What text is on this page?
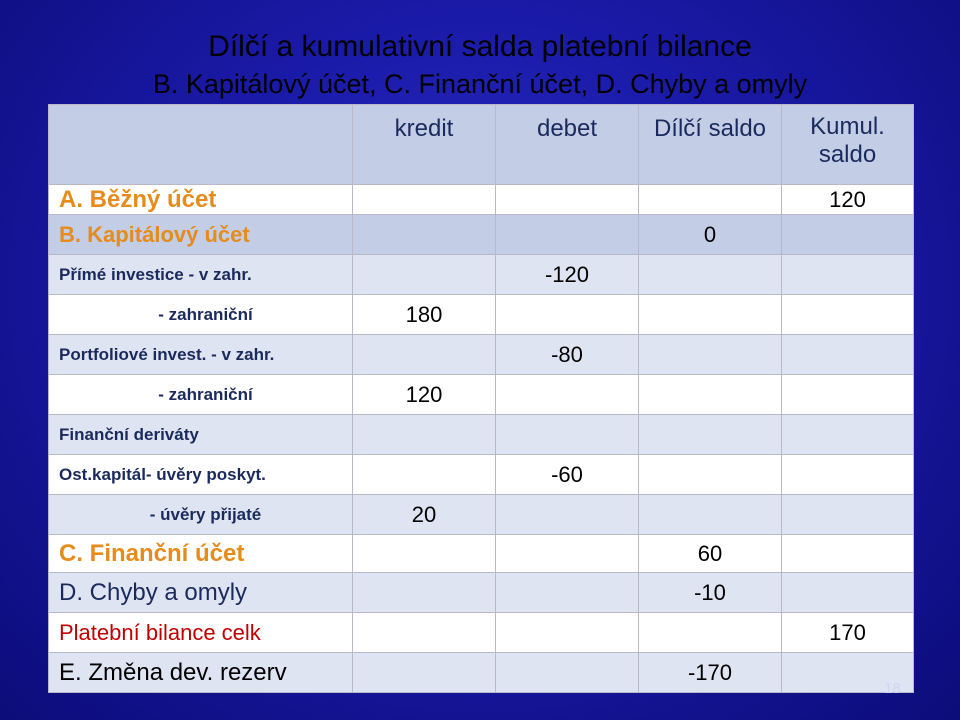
Dílčí a kumulativní salda platební bilance
B. Kapitálový účet, C. Finanční účet, D. Chyby a omyly
	kredit	debet	Dílčí saldo	Kumul. saldo
A. Běžný účet				120
B. Kapitálový účet			0	
Přímé investice - v zahr.		-120		
- zahraniční	180			
Portfoliové invest. - v zahr.		-80		
- zahraniční	120			
Finanční deriváty				
Ost.kapitál- úvěry poskyt.		-60		
- úvěry přijaté	20			
C. Finanční účet			60	
D. Chyby a omyly			-10	
Platební bilance celk				170
E. Změna dev. rezerv			-170	
18
